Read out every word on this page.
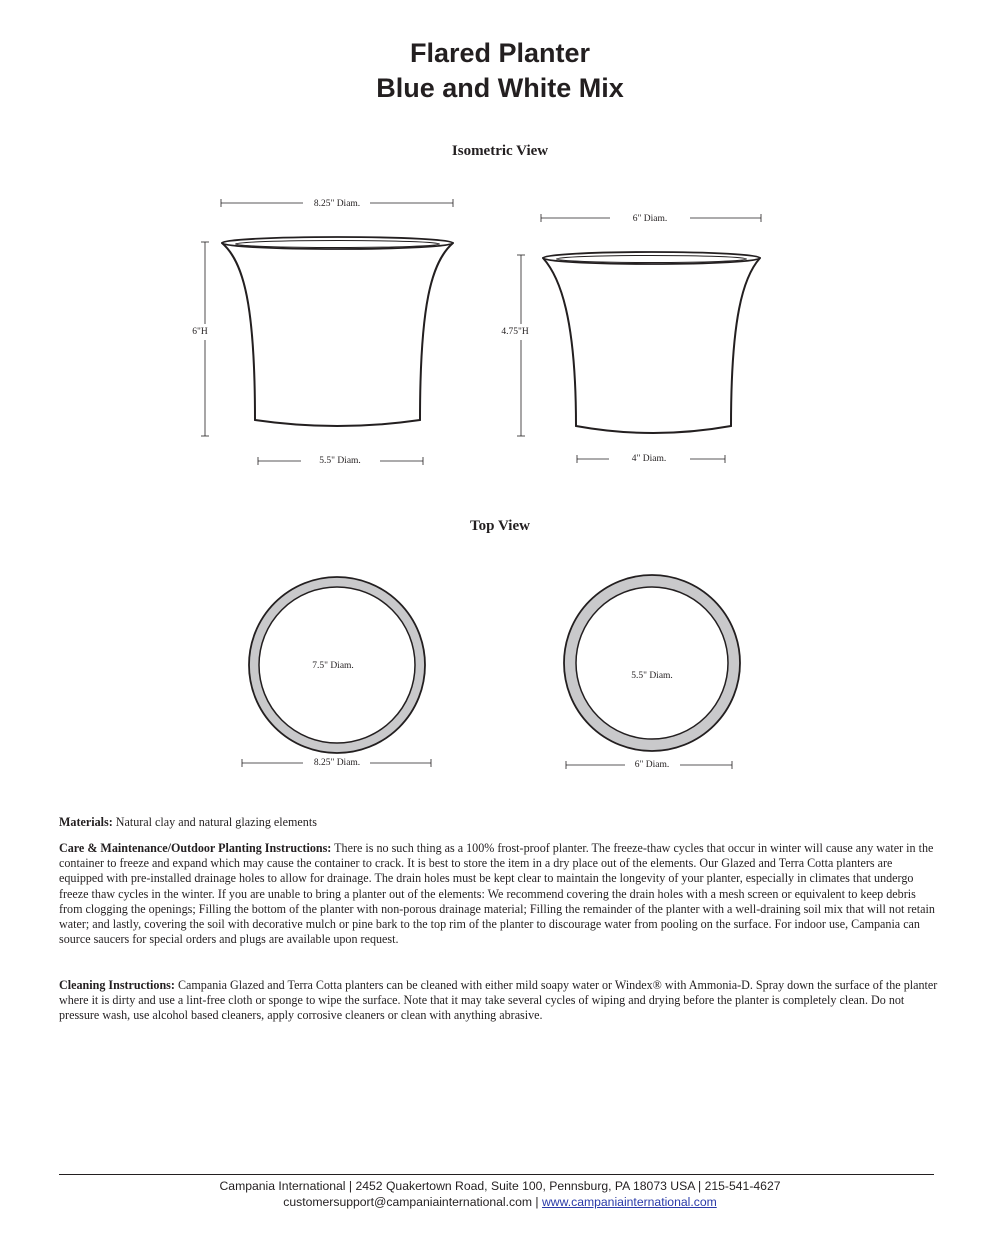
Flared Planter
Blue and White Mix
Isometric View
Top View
8.25" Diam.
6"H
5.5" Diam.
6" Diam.
4.75"H
4" Diam.
7.5" Diam.
8.25" Diam.
5.5" Diam.
6" Diam.
Materials: Natural clay and natural glazing elements
Care & Maintenance/Outdoor Planting Instructions: There is no such thing as a 100% frost-proof planter. The freeze-thaw cycles that occur in winter will cause any water in the container to freeze and expand which may cause the container to crack. It is best to store the item in a dry place out of the elements. Our Glazed and Terra Cotta planters are equipped with pre-installed drainage holes to allow for drainage. The drain holes must be kept clear to maintain the longevity of your planter, especially in climates that undergo freeze thaw cycles in the winter. If you are unable to bring a planter out of the elements: We recommend covering the drain holes with a mesh screen or equivalent to keep debris from clogging the openings; Filling the bottom of the planter with non-porous drainage material; Filling the remainder of the planter with a well-draining soil mix that will not retain water; and lastly, covering the soil with decorative mulch or pine bark to the top rim of the planter to discourage water from pooling on the surface. For indoor use, Campania can source saucers for special orders and plugs are available upon request.
Cleaning Instructions: Campania Glazed and Terra Cotta planters can be cleaned with either mild soapy water or Windex® with Ammonia-D. Spray down the surface of the planter where it is dirty and use a lint-free cloth or sponge to wipe the surface. Note that it may take several cycles of wiping and drying before the planter is completely clean. Do not pressure wash, use alcohol based cleaners, apply corrosive cleaners or clean with anything abrasive.
Campania International | 2452 Quakertown Road, Suite 100, Pennsburg, PA 18073 USA | 215-541-4627
customersupport@campaniainternational.com | www.campaniainternational.com
